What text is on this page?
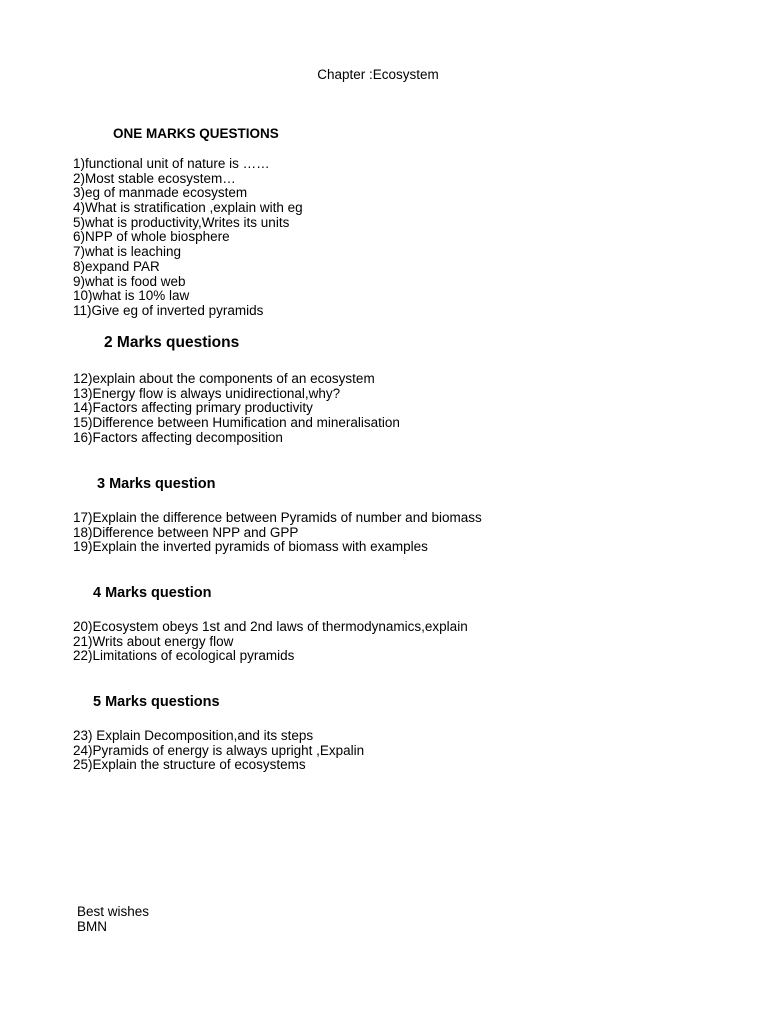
Chapter :Ecosystem
ONE MARKS QUESTIONS
1)functional unit of nature is ……
2)Most stable ecosystem…
3)eg of manmade ecosystem
4)What is stratification ,explain with eg
5)what is productivity,Writes its units
6)NPP of whole biosphere
7)what is leaching
8)expand PAR
9)what is food web
10)what is 10% law
11)Give eg of inverted pyramids
2 Marks questions
12)explain about the components of an ecosystem
13)Energy flow is always unidirectional,why?
14)Factors affecting primary productivity
15)Difference between Humification and mineralisation
16)Factors affecting decomposition
3 Marks question
17)Explain the difference between Pyramids of number and biomass
18)Difference between NPP and GPP
19)Explain the inverted pyramids of biomass with examples
4 Marks question
20)Ecosystem obeys 1st and 2nd laws of thermodynamics,explain
21)Writs about energy flow
22)Limitations of ecological pyramids
5 Marks questions
23) Explain Decomposition,and its steps
24)Pyramids of energy is always upright ,Expalin
25)Explain the structure of ecosystems
Best wishes
BMN
